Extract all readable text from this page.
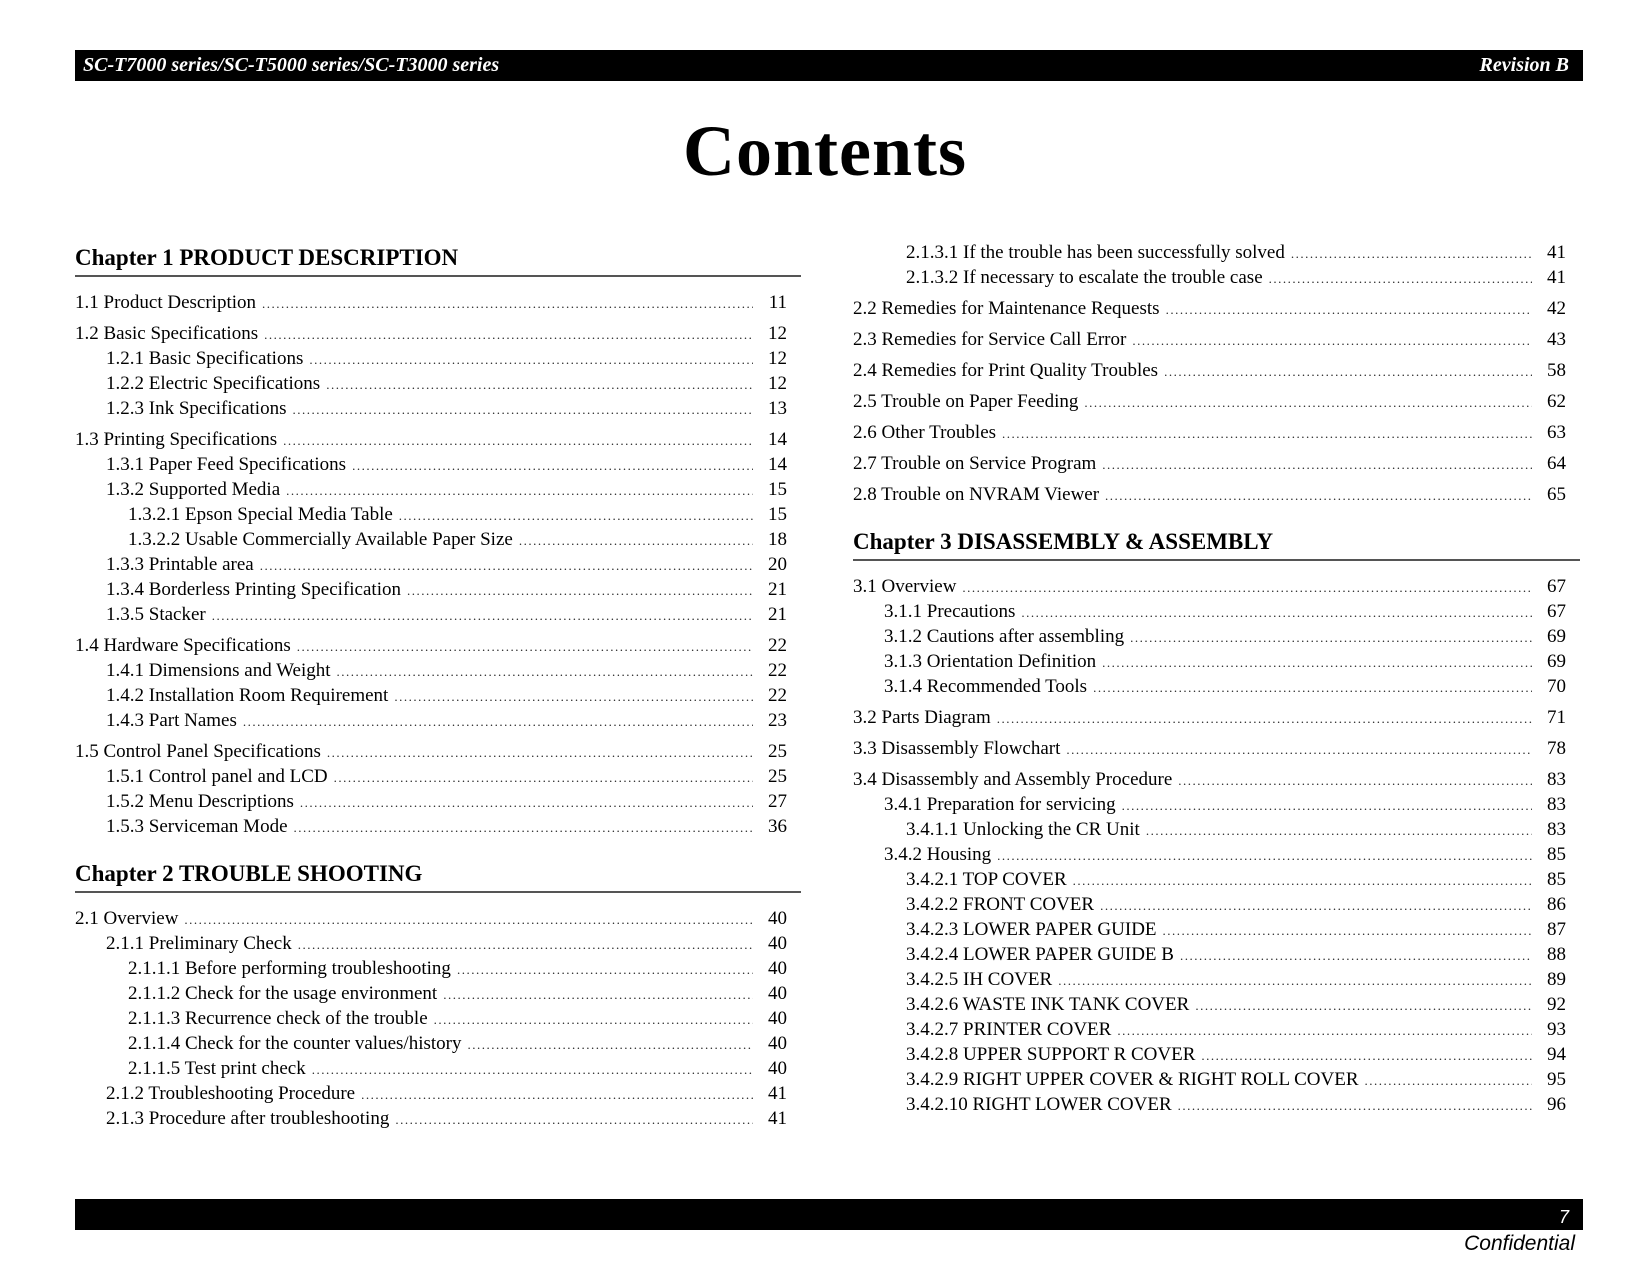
SC-T7000 series/SC-T5000 series/SC-T3000 series	Revision B
Contents
Chapter 1 PRODUCT DESCRIPTION
1.1 Product Description .....	11
1.2 Basic Specifications .....	12
1.2.1 Basic Specifications .....	12
1.2.2 Electric Specifications .....	12
1.2.3 Ink Specifications .....	13
1.3 Printing Specifications .....	14
1.3.1 Paper Feed Specifications .....	14
1.3.2 Supported Media .....	15
1.3.2.1 Epson Special Media Table .....	15
1.3.2.2 Usable Commercially Available Paper Size .....	18
1.3.3 Printable area .....	20
1.3.4 Borderless Printing Specification .....	21
1.3.5 Stacker .....	21
1.4 Hardware Specifications .....	22
1.4.1 Dimensions and Weight .....	22
1.4.2 Installation Room Requirement .....	22
1.4.3 Part Names .....	23
1.5 Control Panel Specifications .....	25
1.5.1 Control panel and LCD .....	25
1.5.2 Menu Descriptions .....	27
1.5.3 Serviceman Mode .....	36
Chapter 2 TROUBLE SHOOTING
2.1 Overview .....	40
2.1.1 Preliminary Check .....	40
2.1.1.1 Before performing troubleshooting .....	40
2.1.1.2 Check for the usage environment .....	40
2.1.1.3 Recurrence check of the trouble .....	40
2.1.1.4 Check for the counter values/history .....	40
2.1.1.5 Test print check .....	40
2.1.2 Troubleshooting Procedure .....	41
2.1.3 Procedure after troubleshooting .....	41
2.1.3.1 If the trouble has been successfully solved .....	41
2.1.3.2 If necessary to escalate the trouble case .....	41
2.2 Remedies for Maintenance Requests .....	42
2.3 Remedies for Service Call Error .....	43
2.4 Remedies for Print Quality Troubles .....	58
2.5 Trouble on Paper Feeding .....	62
2.6 Other Troubles .....	63
2.7 Trouble on Service Program .....	64
2.8 Trouble on NVRAM Viewer .....	65
Chapter 3 DISASSEMBLY & ASSEMBLY
3.1 Overview .....	67
3.1.1 Precautions .....	67
3.1.2 Cautions after assembling .....	69
3.1.3 Orientation Definition .....	69
3.1.4 Recommended Tools .....	70
3.2 Parts Diagram .....	71
3.3 Disassembly Flowchart .....	78
3.4 Disassembly and Assembly Procedure .....	83
3.4.1 Preparation for servicing .....	83
3.4.1.1 Unlocking the CR Unit .....	83
3.4.2 Housing .....	85
3.4.2.1 TOP COVER .....	85
3.4.2.2 FRONT COVER .....	86
3.4.2.3 LOWER PAPER GUIDE .....	87
3.4.2.4 LOWER PAPER GUIDE B .....	88
3.4.2.5 IH COVER .....	89
3.4.2.6 WASTE INK TANK COVER .....	92
3.4.2.7 PRINTER COVER .....	93
3.4.2.8 UPPER SUPPORT R COVER .....	94
3.4.2.9 RIGHT UPPER COVER & RIGHT ROLL COVER .....	95
3.4.2.10 RIGHT LOWER COVER .....	96
7
Confidential
